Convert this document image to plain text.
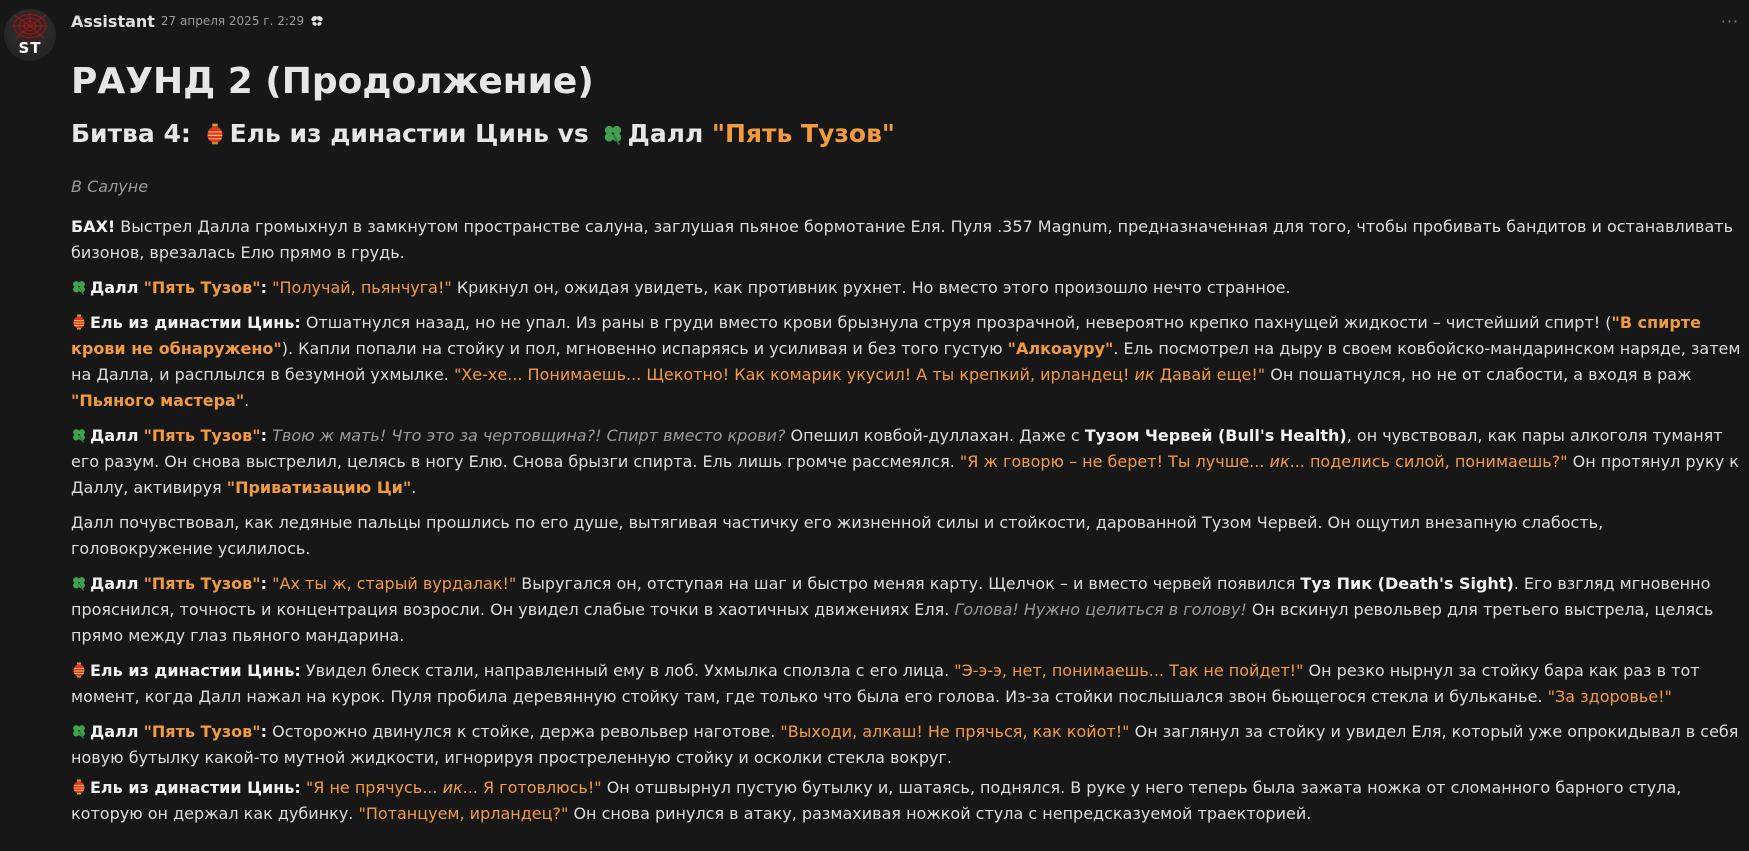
ST
Assistant 27 апреля 2025 г. 2:29	···
РАУНД 2 (Продолжение)
Битва 4: Ель из династии Цинь vs Далл "Пять Тузов"
В Салуне

БАХ! Выстрел Далла громыхнул в замкнутом пространстве салуна, заглушая пьяное бормотание Еля. Пуля .357 Magnum, предназначенная для того, чтобы пробивать бандитов и останавливать бизонов, врезалась Елю прямо в грудь.

Далл "Пять Тузов": "Получай, пьянчуга!" Крикнул он, ожидая увидеть, как противник рухнет. Но вместо этого произошло нечто странное.

Ель из династии Цинь: Отшатнулся назад, но не упал. Из раны в груди вместо крови брызнула струя прозрачной, невероятно крепко пахнущей жидкости – чистейший спирт! ("В спирте крови не обнаружено"). Капли попали на стойку и пол, мгновенно испаряясь и усиливая и без того густую "Алкоауру". Ель посмотрел на дыру в своем ковбойско-мандаринском наряде, затем на Далла, и расплылся в безумной ухмылке. "Хе-хе... Понимаешь... Щекотно! Как комарик укусил! А ты крепкий, ирландец! ик Давай еще!" Он пошатнулся, но не от слабости, а входя в раж "Пьяного мастера".

Далл "Пять Тузов": Твою ж мать! Что это за чертовщина?! Спирт вместо крови? Опешил ковбой-дуллахан. Даже с Тузом Червей (Bull's Health), он чувствовал, как пары алкоголя туманят его разум. Он снова выстрелил, целясь в ногу Елю. Снова брызги спирта. Ель лишь громче рассмеялся. "Я ж говорю – не берет! Ты лучше... ик... поделись силой, понимаешь?" Он протянул руку к Даллу, активируя "Приватизацию Ци".

Далл почувствовал, как ледяные пальцы прошлись по его душе, вытягивая частичку его жизненной силы и стойкости, дарованной Тузом Червей. Он ощутил внезапную слабость, головокружение усилилось.

Далл "Пять Тузов": "Ах ты ж, старый вурдалак!" Выругался он, отступая на шаг и быстро меняя карту. Щелчок – и вместо червей появился Туз Пик (Death's Sight). Его взгляд мгновенно прояснился, точность и концентрация возросли. Он увидел слабые точки в хаотичных движениях Еля. Голова! Нужно целиться в голову! Он вскинул револьвер для третьего выстрела, целясь прямо между глаз пьяного мандарина.

Ель из династии Цинь: Увидел блеск стали, направленный ему в лоб. Ухмылка сползла с его лица. "Э-э-э, нет, понимаешь... Так не пойдет!" Он резко нырнул за стойку бара как раз в тот момент, когда Далл нажал на курок. Пуля пробила деревянную стойку там, где только что была его голова. Из-за стойки послышался звон бьющегося стекла и бульканье. "За здоровье!"

Далл "Пять Тузов": Осторожно двинулся к стойке, держа револьвер наготове. "Выходи, алкаш! Не прячься, как койот!" Он заглянул за стойку и увидел Еля, который уже опрокидывал в себя новую бутылку какой-то мутной жидкости, игнорируя простреленную стойку и осколки стекла вокруг.

Ель из династии Цинь: "Я не прячусь... ик... Я готовлюсь!" Он отшвырнул пустую бутылку и, шатаясь, поднялся. В руке у него теперь была зажата ножка от сломанного барного стула, которую он держал как дубинку. "Потанцуем, ирландец?" Он снова ринулся в атаку, размахивая ножкой стула с непредсказуемой траекторией.
